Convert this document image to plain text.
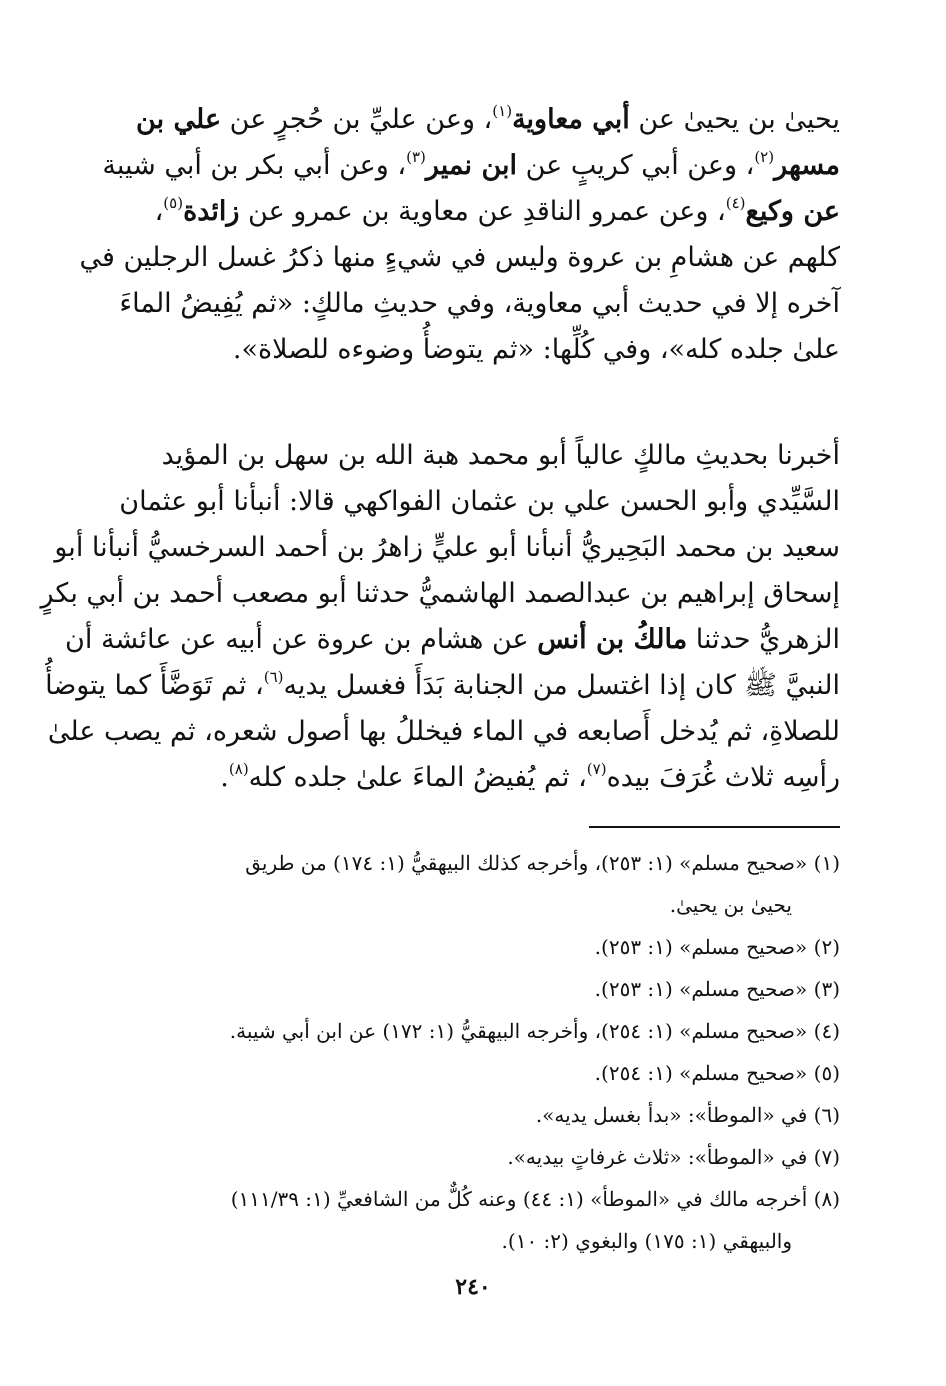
يحيىٰ بن يحيىٰ عن أبي معاوية$^{(١)}$، وعن عليِّ بن حُجرٍ عن علي بن
مسهر$^{(٢)}$، وعن أبي كريبٍ عن ابن نمير$^{(٣)}$، وعن أبي بكر بن أبي شيبة
عن وكيع$^{(٤)}$، وعن عمرو الناقدِ عن معاوية بن عمرو عن زائدة$^{(٥)}$،
كلهم عن هشامِ بن عروة وليس في شيءٍ منها ذكرُ غسل الرجلين في
آخره إلا في حديث أبي معاوية، وفي حديثِ مالكٍ: «ثم يُفِيضُ الماءَ
علىٰ جلده كله»، وفي كُلِّها: «ثم يتوضأُ وضوءه للصلاة».
أخبرنا بحديثِ مالكٍ عالياً أبو محمد هبة الله بن سهل بن المؤيد
السَّيِّدي وأبو الحسن علي بن عثمان الفواكهي قالا: أنبأنا أبو عثمان
سعيد بن محمد البَحِيريُّ أنبأنا أبو عليٍّ زاهرُ بن أحمد السرخسيُّ أنبأنا أبو
إسحاق إبراهيم بن عبدالصمد الهاشميُّ حدثنا أبو مصعب أحمد بن أبي بكرٍ
الزهريُّ حدثنا مالكُ بن أنس عن هشام بن عروة عن أبيه عن عائشة أن
النبيَّ ﷺ كان إذا اغتسل من الجنابة بَدَأَ فغسل يديه$^{(٦)}$، ثم تَوَضَّأَ كما يتوضأُ
للصلاةِ، ثم يُدخل أَصابعه في الماء فيخللُ بها أصول شعره، ثم يصب علىٰ
رأسِه ثلاث غُرَفَ بيده$^{(٧)}$، ثم يُفيضُ الماءَ علىٰ جلده كله$^{(٨)}$.
(١) «صحيح مسلم» (١: ٢٥٣)، وأخرجه كذلك البيهقيُّ (١: ١٧٤) من طريق
يحيىٰ بن يحيىٰ.
(٢) «صحيح مسلم» (١: ٢٥٣).
(٣) «صحيح مسلم» (١: ٢٥٣).
(٤) «صحيح مسلم» (١: ٢٥٤)، وأخرجه البيهقيُّ (١: ١٧٢) عن ابن أبي شيبة.
(٥) «صحيح مسلم» (١: ٢٥٤).
(٦) في «الموطأ»: «بدأ بغسل يديه».
(٧) في «الموطأ»: «ثلاث غرفاتٍ بيديه».
(٨) أخرجه مالك في «الموطأ» (١: ٤٤) وعنه كُلٌّ من الشافعيِّ (١: ١١١/٣٩)
والبيهقي (١: ١٧٥) والبغوي (٢: ١٠).
٢٤٠
